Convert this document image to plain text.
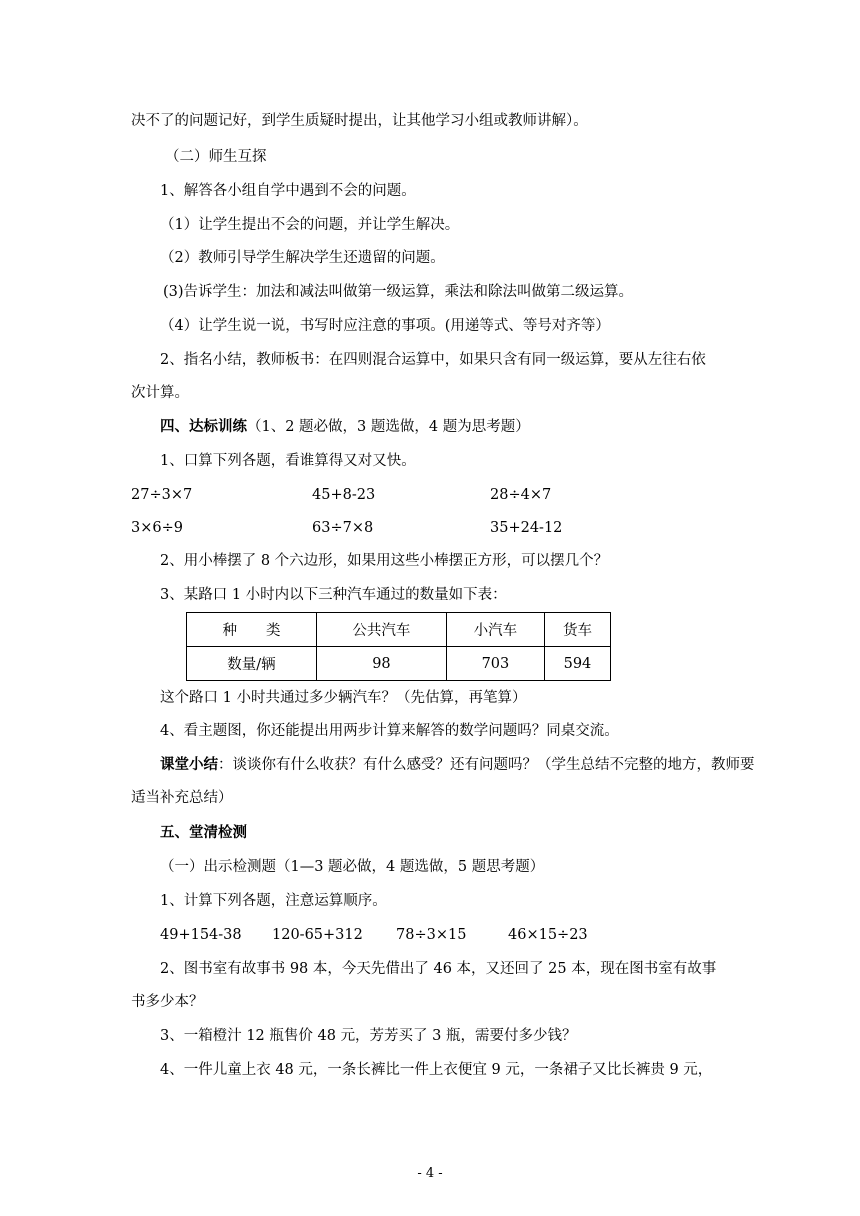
决不了的问题记好，到学生质疑时提出，让其他学习小组或教师讲解）。
（二）师生互探
1、解答各小组自学中遇到不会的问题。
（1）让学生提出不会的问题，并让学生解决。
（2）教师引导学生解决学生还遗留的问题。
(3)告诉学生：加法和减法叫做第一级运算，乘法和除法叫做第二级运算。
（4）让学生说一说，书写时应注意的事项。(用递等式、等号对齐等）
2、指名小结，教师板书：在四则混合运算中，如果只含有同一级运算，要从左往右依
次计算。
四、达标训练（1、2 题必做，3 题选做，4 题为思考题）
1、口算下列各题，看谁算得又对又快。
27÷3×7	45+8-23	28÷4×7
3×6÷9	63÷7×8	35+24-12
2、用小棒摆了 8 个六边形，如果用这些小棒摆正方形，可以摆几个？
3、某路口 1 小时内以下三种汽车通过的数量如下表：
种　　类	公共汽车	小汽车	货车
数量/辆	98	703	594
这个路口 1 小时共通过多少辆汽车？（先估算，再笔算）
4、看主题图，你还能提出用两步计算来解答的数学问题吗？同桌交流。
课堂小结：谈谈你有什么收获？有什么感受？还有问题吗？（学生总结不完整的地方，教师要
适当补充总结）
五、堂清检测
（一）出示检测题（1—3 题必做，4 题选做，5 题思考题）
1、计算下列各题，注意运算顺序。
49+154-38 120-65+312 78÷3×15	46×15÷23
2、图书室有故事书 98 本，今天先借出了 46 本，又还回了 25 本，现在图书室有故事
书多少本？
3、一箱橙汁 12 瓶售价 48 元，芳芳买了 3 瓶，需要付多少钱？
4、一件儿童上衣 48 元，一条长裤比一件上衣便宜 9 元，一条裙子又比长裤贵 9 元，
- 4 -
